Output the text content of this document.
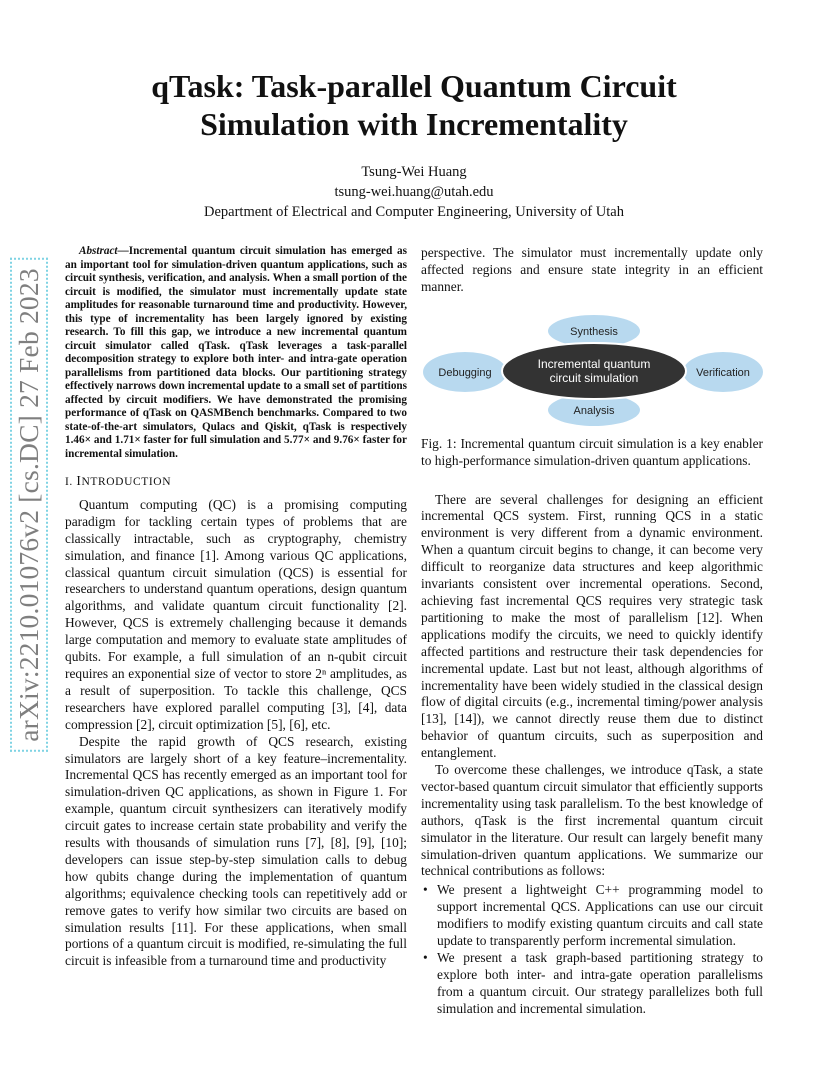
arXiv:2210.01076v2 [cs.DC] 27 Feb 2023
qTask: Task-parallel Quantum Circuit
Simulation with Incrementality
Tsung-Wei Huang
tsung-wei.huang@utah.edu
Department of Electrical and Computer Engineering, University of Utah

Abstract—Incremental quantum circuit simulation has emerged as an important tool for simulation-driven quantum applications, such as circuit synthesis, verification, and analysis. When a small portion of the circuit is modified, the simulator must incrementally update state amplitudes for reasonable turnaround time and productivity. However, this type of incrementality has been largely ignored by existing research. To fill this gap, we introduce a new incremental quantum circuit simulator called qTask. qTask leverages a task-parallel decomposition strategy to explore both inter- and intra-gate operation parallelisms from partitioned data blocks. Our partitioning strategy effectively narrows down incremental update to a small set of partitions affected by circuit modifiers. We have demonstrated the promising performance of qTask on QASMBench benchmarks. Compared to two state-of-the-art simulators, Qulacs and Qiskit, qTask is respectively 1.46× and 1.71× faster for full simulation and 5.77× and 9.76× faster for incremental simulation.

I. INTRODUCTION

Quantum computing (QC) is a promising computing paradigm for tackling certain types of problems that are classically intractable, such as cryptography, chemistry simulation, and finance [1]. Among various QC applications, classical quantum circuit simulation (QCS) is essential for researchers to understand quantum operations, design quantum algorithms, and validate quantum circuit functionality [2]. However, QCS is extremely challenging because it demands large computation and memory to evaluate state amplitudes of qubits. For example, a full simulation of an n-qubit circuit requires an exponential size of vector to store 2ⁿ amplitudes, as a result of superposition. To tackle this challenge, QCS researchers have explored parallel computing [3], [4], data compression [2], circuit optimization [5], [6], etc.

Despite the rapid growth of QCS research, existing simulators are largely short of a key feature–incrementality. Incremental QCS has recently emerged as an important tool for simulation-driven QC applications, as shown in Figure 1. For example, quantum circuit synthesizers can iteratively modify circuit gates to increase certain state probability and verify the results with thousands of simulation runs [7], [8], [9], [10]; developers can issue step-by-step simulation calls to debug how qubits change during the implementation of quantum algorithms; equivalence checking tools can repetitively add or remove gates to verify how similar two circuits are based on simulation results [11]. For these applications, when small portions of a quantum circuit is modified, re-simulating the full circuit is infeasible from a turnaround time and productivity

perspective. The simulator must incrementally update only affected regions and ensure state integrity in an efficient manner.

Synthesis
Debugging	Verification
Analysis
Incremental quantum
circuit simulation

Fig. 1: Incremental quantum circuit simulation is a key enabler to high-performance simulation-driven quantum applications.

There are several challenges for designing an efficient incremental QCS system. First, running QCS in a static environment is very different from a dynamic environment. When a quantum circuit begins to change, it can become very difficult to reorganize data structures and keep algorithmic invariants consistent over incremental operations. Second, achieving fast incremental QCS requires very strategic task partitioning to make the most of parallelism [12]. When applications modify the circuits, we need to quickly identify affected partitions and restructure their task dependencies for incremental update. Last but not least, although algorithms of incrementality have been widely studied in the classical design flow of digital circuits (e.g., incremental timing/power analysis [13], [14]), we cannot directly reuse them due to distinct behavior of quantum circuits, such as superposition and entanglement.

To overcome these challenges, we introduce qTask, a state vector-based quantum circuit simulator that efficiently supports incrementality using task parallelism. To the best knowledge of authors, qTask is the first incremental quantum circuit simulator in the literature. Our result can largely benefit many simulation-driven quantum applications. We summarize our technical contributions as follows:

• We present a lightweight C++ programming model to support incremental QCS. Applications can use our circuit modifiers to modify existing quantum circuits and call state update to transparently perform incremental simulation.
• We present a task graph-based partitioning strategy to explore both inter- and intra-gate operation parallelisms from a quantum circuit. Our strategy parallelizes both full simulation and incremental simulation.
